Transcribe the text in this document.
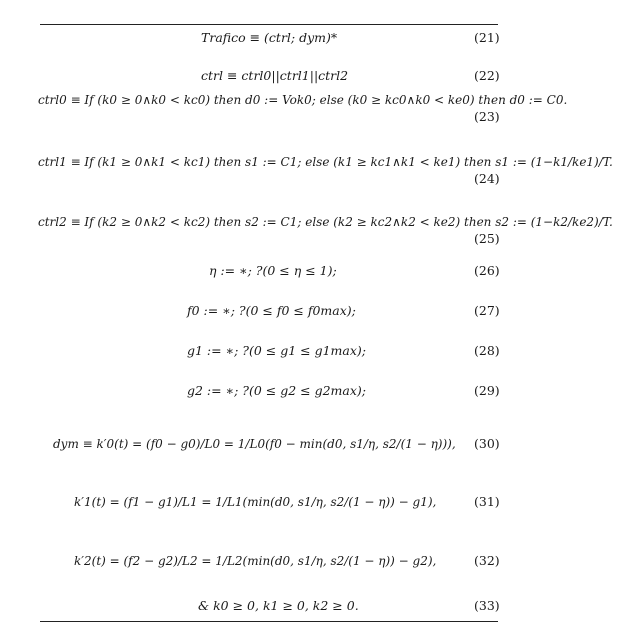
Trafico ≡ (ctrl; dym)*	(21)
ctrl ≡ ctrl0||ctrl1||ctrl2	(22)
ctrl0 ≡ If (k0 ≥ 0∧k0 < kc0) then d0 := Vok0; else (k0 ≥ kc0∧k0 < ke0) then d0 := C0.
(23)
ctrl1 ≡ If (k1 ≥ 0∧k1 < kc1) then s1 := C1; else (k1 ≥ kc1∧k1 < ke1) then s1 := (1−k1/ke1)/T.
(24)
ctrl2 ≡ If (k2 ≥ 0∧k2 < kc2) then s2 := C1; else (k2 ≥ kc2∧k2 < ke2) then s2 := (1−k2/ke2)/T.
(25)
η := ∗; ?(0 ≤ η ≤ 1);	(26)
f0 := ∗; ?(0 ≤ f0 ≤ f0max);	(27)
g1 := ∗; ?(0 ≤ g1 ≤ g1max);	(28)
g2 := ∗; ?(0 ≤ g2 ≤ g2max);	(29)
dym ≡ k′0(t) = (f0 − g0)/L0 = 1/L0(f0 − min(d0, s1/η, s2/(1 − η))), (30)
k′1(t) = (f1 − g1)/L1 = 1/L1(min(d0, s1/η, s2/(1 − η)) − g1),	(31)
k′2(t) = (f2 − g2)/L2 = 1/L2(min(d0, s1/η, s2/(1 − η)) − g2),	(32)
& k0 ≥ 0, k1 ≥ 0, k2 ≥ 0.	(33)
